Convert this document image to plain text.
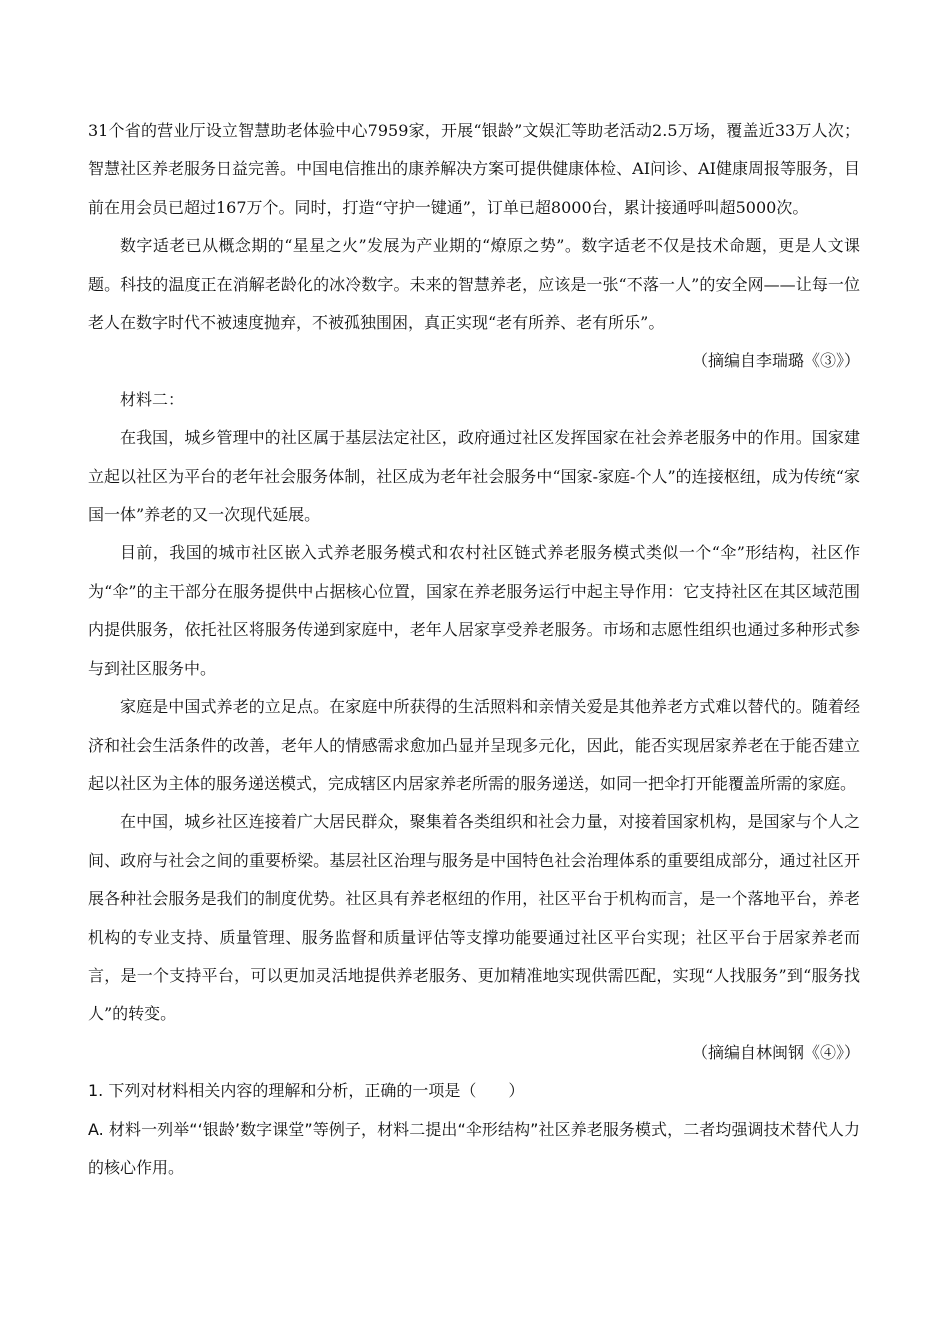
31个省的营业厅设立智慧助老体验中心7959家，开展“银龄”文娱汇等助老活动2.5万场，覆盖近33万人次；智慧社区养老服务日益完善。中国电信推出的康养解决方案可提供健康体检、AI问诊、AI健康周报等服务，目前在用会员已超过167万个。同时，打造“守护一键通”，订单已超8000台，累计接通呼叫超5000次。

数字适老已从概念期的“星星之火”发展为产业期的“燎原之势”。数字适老不仅是技术命题，更是人文课题。科技的温度正在消解老龄化的冰冷数字。未来的智慧养老，应该是一张“不落一人”的安全网——让每一位老人在数字时代不被速度抛弃，不被孤独围困，真正实现“老有所养、老有所乐”。

（摘编自李瑞璐《③》）

材料二：

在我国，城乡管理中的社区属于基层法定社区，政府通过社区发挥国家在社会养老服务中的作用。国家建立起以社区为平台的老年社会服务体制，社区成为老年社会服务中“国家-家庭-个人”的连接枢纽，成为传统“家国一体”养老的又一次现代延展。

目前，我国的城市社区嵌入式养老服务模式和农村社区链式养老服务模式类似一个“伞”形结构，社区作为“伞”的主干部分在服务提供中占据核心位置，国家在养老服务运行中起主导作用：它支持社区在其区域范围内提供服务，依托社区将服务传递到家庭中，老年人居家享受养老服务。市场和志愿性组织也通过多种形式参与到社区服务中。

家庭是中国式养老的立足点。在家庭中所获得的生活照料和亲情关爱是其他养老方式难以替代的。随着经济和社会生活条件的改善，老年人的情感需求愈加凸显并呈现多元化，因此，能否实现居家养老在于能否建立起以社区为主体的服务递送模式，完成辖区内居家养老所需的服务递送，如同一把伞打开能覆盖所需的家庭。

在中国，城乡社区连接着广大居民群众，聚集着各类组织和社会力量，对接着国家机构，是国家与个人之间、政府与社会之间的重要桥梁。基层社区治理与服务是中国特色社会治理体系的重要组成部分，通过社区开展各种社会服务是我们的制度优势。社区具有养老枢纽的作用，社区平台于机构而言，是一个落地平台，养老机构的专业支持、质量管理、服务监督和质量评估等支撑功能要通过社区平台实现；社区平台于居家养老而言，是一个支持平台，可以更加灵活地提供养老服务、更加精准地实现供需匹配，实现“人找服务”到“服务找人”的转变。

（摘编自林闽钢《④》）

1. 下列对材料相关内容的理解和分析，正确的一项是（　　）

A. 材料一列举“‘银龄’数字课堂”等例子，材料二提出“伞形结构”社区养老服务模式，二者均强调技术替代人力的核心作用。
